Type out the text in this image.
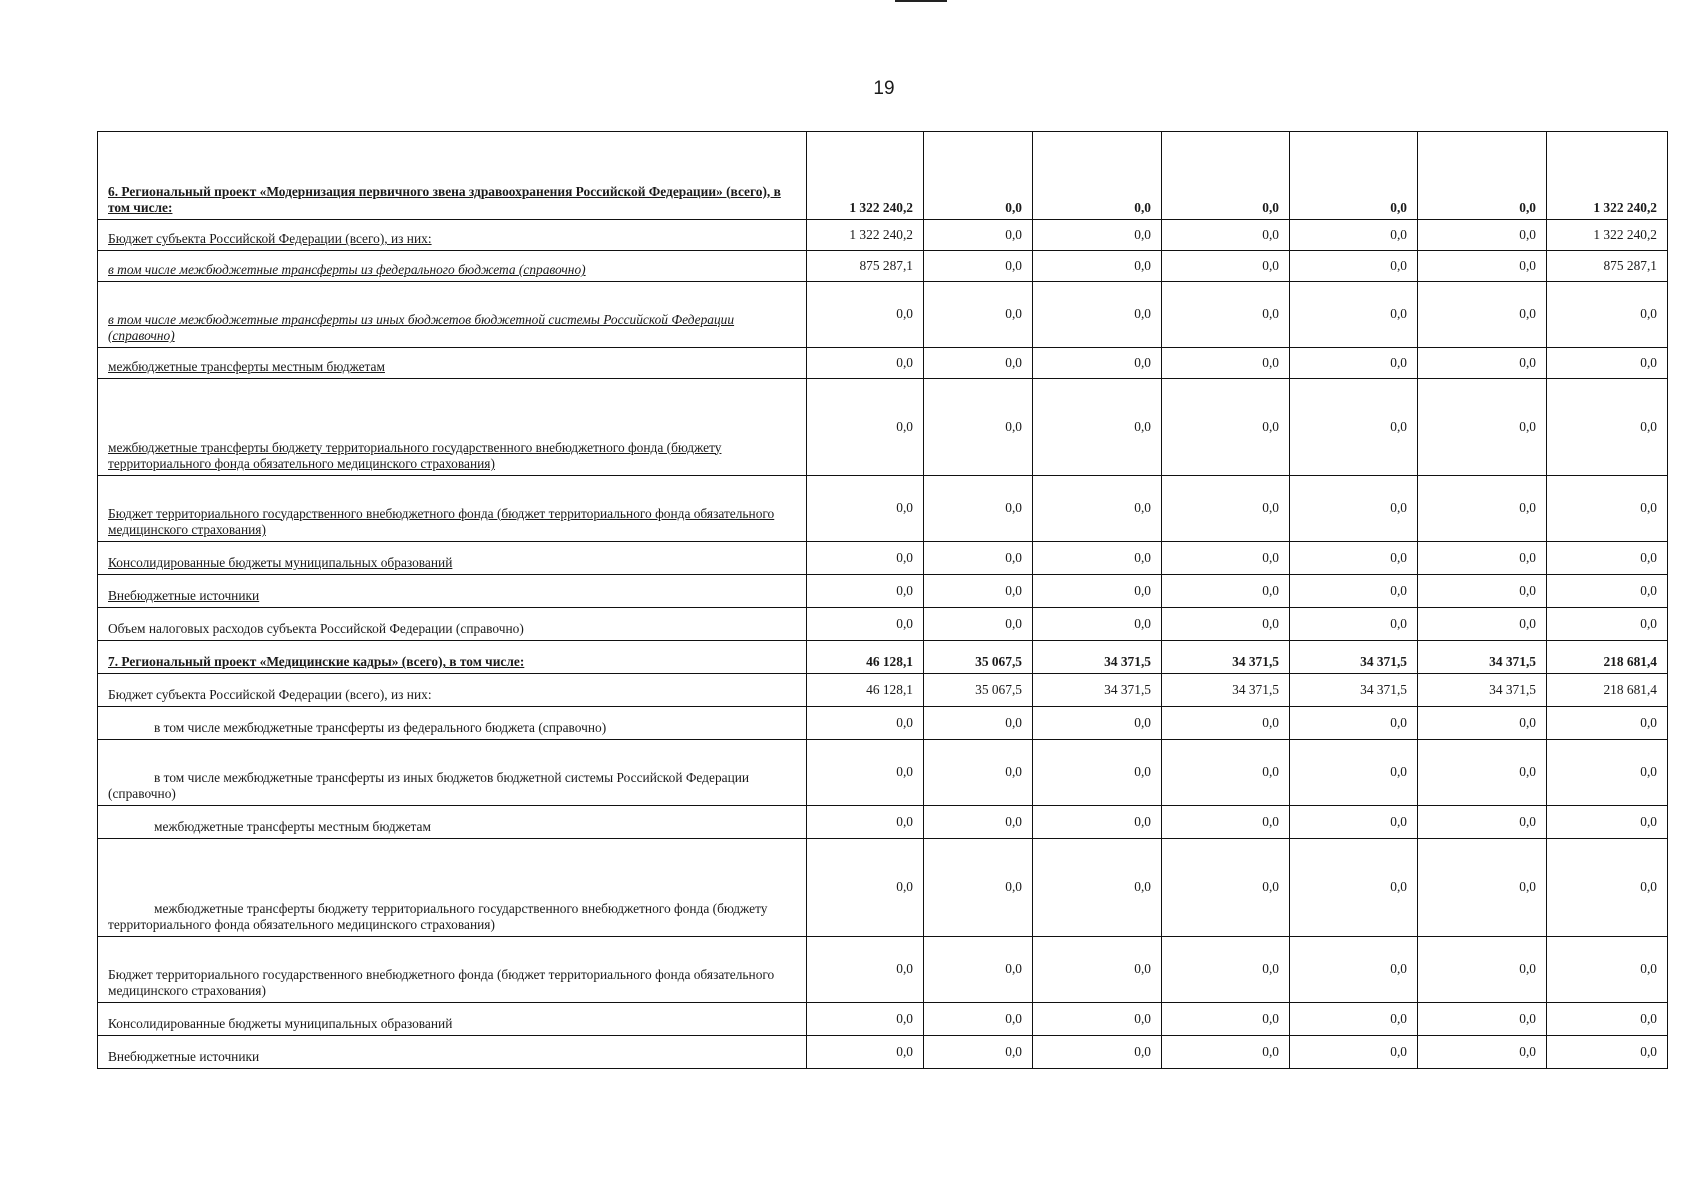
19
6. Региональный проект «Модернизация первичного звена здравоохранения Российской Федерации» (всего), в том числе:	1 322 240,2	0,0	0,0	0,0	0,0	0,0	1 322 240,2
Бюджет субъекта Российской Федерации (всего), из них:	1 322 240,2	0,0	0,0	0,0	0,0	0,0	1 322 240,2
в том числе межбюджетные трансферты из федерального бюджета (справочно)	875 287,1	0,0	0,0	0,0	0,0	0,0	875 287,1
в том числе межбюджетные трансферты из иных бюджетов бюджетной системы Российской Федерации (справочно)	0,0	0,0	0,0	0,0	0,0	0,0	0,0
межбюджетные трансферты местным бюджетам	0,0	0,0	0,0	0,0	0,0	0,0	0,0
межбюджетные трансферты бюджету территориального государственного внебюджетного фонда (бюджету территориального фонда обязательного медицинского страхования)	0,0	0,0	0,0	0,0	0,0	0,0	0,0
Бюджет территориального государственного внебюджетного фонда (бюджет территориального фонда обязательного медицинского страхования)	0,0	0,0	0,0	0,0	0,0	0,0	0,0
Консолидированные бюджеты муниципальных образований	0,0	0,0	0,0	0,0	0,0	0,0	0,0
Внебюджетные источники	0,0	0,0	0,0	0,0	0,0	0,0	0,0
Объем налоговых расходов субъекта Российской Федерации (справочно)	0,0	0,0	0,0	0,0	0,0	0,0	0,0
7. Региональный проект «Медицинские кадры» (всего), в том числе:	46 128,1	35 067,5	34 371,5	34 371,5	34 371,5	34 371,5	218 681,4
Бюджет субъекта Российской Федерации (всего), из них:	46 128,1	35 067,5	34 371,5	34 371,5	34 371,5	34 371,5	218 681,4
в том числе межбюджетные трансферты из федерального бюджета (справочно)	0,0	0,0	0,0	0,0	0,0	0,0	0,0
в том числе межбюджетные трансферты из иных бюджетов бюджетной системы Российской Федерации (справочно)	0,0	0,0	0,0	0,0	0,0	0,0	0,0
межбюджетные трансферты местным бюджетам	0,0	0,0	0,0	0,0	0,0	0,0	0,0
межбюджетные трансферты бюджету территориального государственного внебюджетного фонда (бюджету территориального фонда обязательного медицинского страхования)	0,0	0,0	0,0	0,0	0,0	0,0	0,0
Бюджет территориального государственного внебюджетного фонда (бюджет территориального фонда обязательного медицинского страхования)	0,0	0,0	0,0	0,0	0,0	0,0	0,0
Консолидированные бюджеты муниципальных образований	0,0	0,0	0,0	0,0	0,0	0,0	0,0
Внебюджетные источники	0,0	0,0	0,0	0,0	0,0	0,0	0,0
